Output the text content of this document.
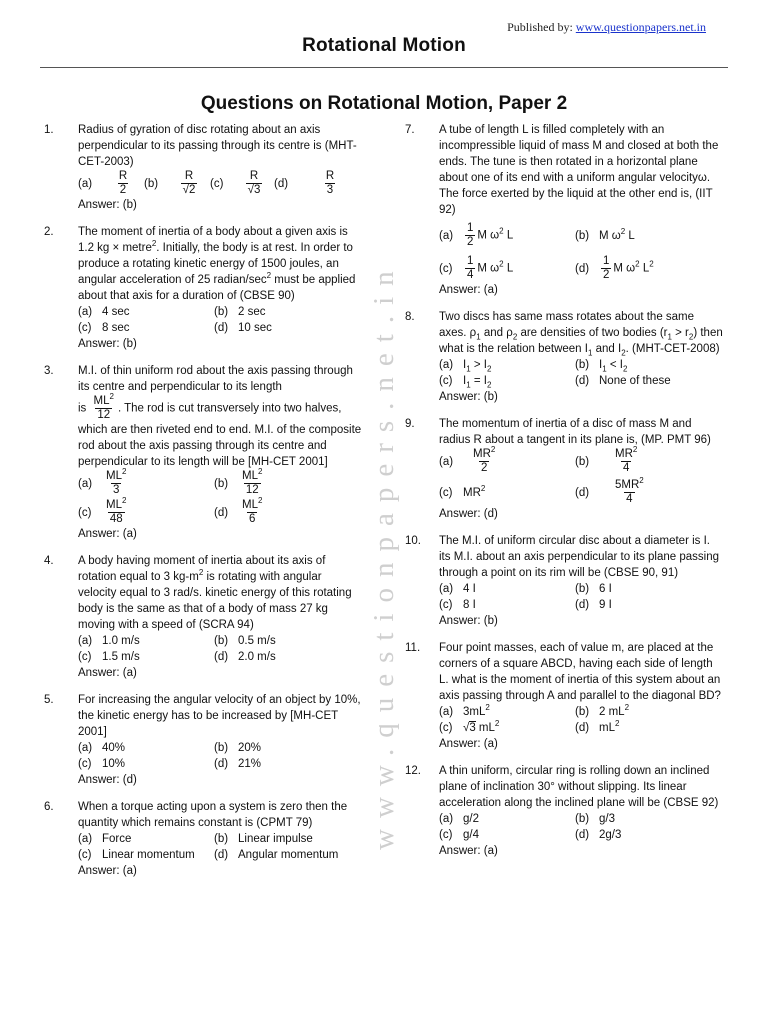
Published by: www.questionpapers.net.in
Rotational Motion
Questions on Rotational Motion, Paper 2
www.questionpapers.net.in
1. Radius of gyration of disc rotating about an axis perpendicular to its passing through its centre is (MHT-CET-2003)
(a)
R
2
(b)
R
√2
(c)
R
√3
(d)
R
3
Answer: (b)
2. The moment of inertia of a body about a given axis is 1.2 kg × metre$^2$. Initially, the body is at rest. In order to produce a rotating kinetic energy of 1500 joules, an angular acceleration of 25 radian/$\sec^2$ must be applied about that axis for a duration of (CBSE 90)
(a) 4 sec	(b) 2 sec
(c) 8 sec	(d) 10 sec
Answer: (b)
3. M.I. of thin uniform rod about the axis passing through its centre and perpendicular to its length
is $\frac{ML^2}{12}$ . The rod is cut transversely into two halves, which are then riveted end to end. M.I. of the composite rod about the axis passing through its centre and perpendicular to its length will be [MH-CET 2001]
(a)	$\frac{ML^2}{3}$	(b)	$\frac{ML^2}{12}$
(c)	$\frac{ML^2}{48}$	(d)	$\frac{ML^2}{6}$
Answer: (a)
4. A body having moment of inertia about its axis of rotation equal to 3 $kg-m^2$ is rotating with angular velocity equal to 3 rad/s. kinetic energy of this rotating body is the same as that of a body of mass 27 kg moving with a speed of (SCRA 94)
(a) 1.0 m/s	(b) 0.5 m/s
(c) 1.5 m/s	(d) 2.0 m/s
Answer: (a)
5. For increasing the angular velocity of an object by 10%, the kinetic energy has to be increased by [MH-CET 2001]
(a) 40%	(b) 20%
(c) 10%	(d) 21%
Answer: (d)
6. When a torque acting upon a system is zero then the quantity which remains constant is (CPMT 79)
(a) Force	(b) Linear impulse
(c) Linear momentum	(d) Angular momentum
Answer: (a)
7. A tube of length L is filled completely with an incompressible liquid of mass M and closed at both the ends. The tune is then rotated in a horizontal plane about one of its end with a uniform angular velocityω. The force exerted by the liquid at the other end is, (IIT 92)
(a)	$\frac{1}{2}$ M $\omega^2$ L	(b) M $\omega^2$ L
(c)	$\frac{1}{4}$ M $\omega^2$ L	(d)	$\frac{1}{2}$ M $\omega^2$ $L^2$
Answer: (a)
8. Two discs has same mass rotates about the same axes. $\rho_1$ and $\rho_2$ are densities of two bodies $(r_1 > r_2)$ then what is the relation between $I_1$ and $I_2$. (MHT-CET-2008)
(a) $I_1 > I_2$	(b) $I_1 < I_2$
(c) $I_1 = I_2$	(d) None of these
Answer: (b)
9. The momentum of inertia of a disc of mass M and radius R about a tangent in its plane is, (MP. PMT 96)
(a)	$\frac{MR^2}{2}$	(b)	$\frac{MR^2}{4}$
(c) $MR^2$	(d)	$\frac{5MR^2}{4}$
Answer: (d)
10. The M.I. of uniform circular disc about a diameter is I. its M.I. about an axis perpendicular to its plane passing through a point on its rim will be (CBSE 90, 91)
(a) 4 I	(b) 6 I
(c) 8 I	(d) 9 I
Answer: (b)
11. Four point masses, each of value m, are placed at the corners of a square ABCD, having each side of length L. what is the moment of inertia of this system about an axis passing through A and parallel to the diagonal BD?
(a) $3mL^2$	(b) 2 $mL^2$
(c) √3 $mL^2$	(d) $mL^2$
Answer: (a)
12. A thin uniform, circular ring is rolling down an inclined plane of inclination 30° without slipping. Its linear acceleration along the inclined plane will be (CBSE 92)
(a) g/2	(b) g/3
(c) g/4	(d) 2g/3
Answer: (a)
